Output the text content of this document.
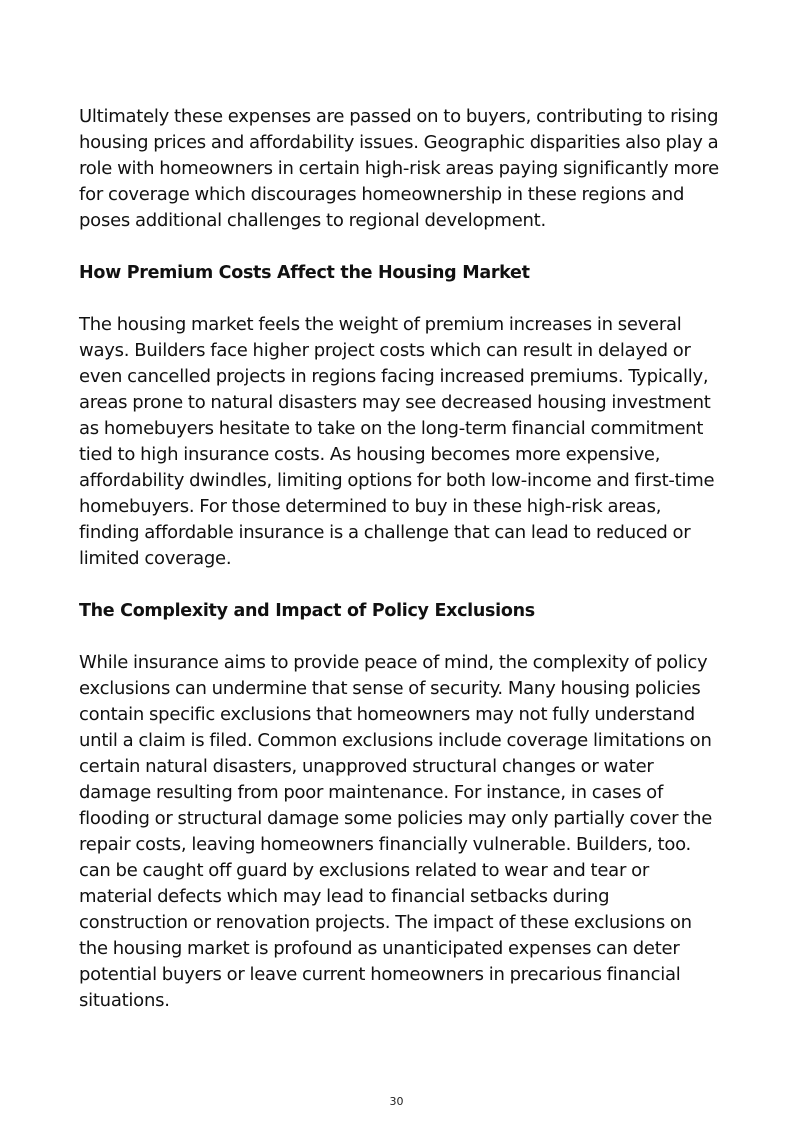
Ultimately these expenses are passed on to buyers, contributing to rising housing prices and affordability issues. Geographic disparities also play a role with homeowners in certain high-risk areas paying significantly more for coverage which discourages homeownership in these regions and poses additional challenges to regional development.

How Premium Costs Affect the Housing Market

The housing market feels the weight of premium increases in several ways. Builders face higher project costs which can result in delayed or even cancelled projects in regions facing increased premiums. Typically, areas prone to natural disasters may see decreased housing investment as homebuyers hesitate to take on the long-term financial commitment tied to high insurance costs. As housing becomes more expensive, affordability dwindles, limiting options for both low-income and first-time homebuyers. For those determined to buy in these high-risk areas, finding affordable insurance is a challenge that can lead to reduced or limited coverage.

The Complexity and Impact of Policy Exclusions

While insurance aims to provide peace of mind, the complexity of policy exclusions can undermine that sense of security. Many housing policies contain specific exclusions that homeowners may not fully understand until a claim is filed. Common exclusions include coverage limitations on certain natural disasters, unapproved structural changes or water damage resulting from poor maintenance. For instance, in cases of flooding or structural damage some policies may only partially cover the repair costs, leaving homeowners financially vulnerable. Builders, too. can be caught off guard by exclusions related to wear and tear or material defects which may lead to financial setbacks during construction or renovation projects. The impact of these exclusions on the housing market is profound as unanticipated expenses can deter potential buyers or leave current homeowners in precarious financial situations.

30
